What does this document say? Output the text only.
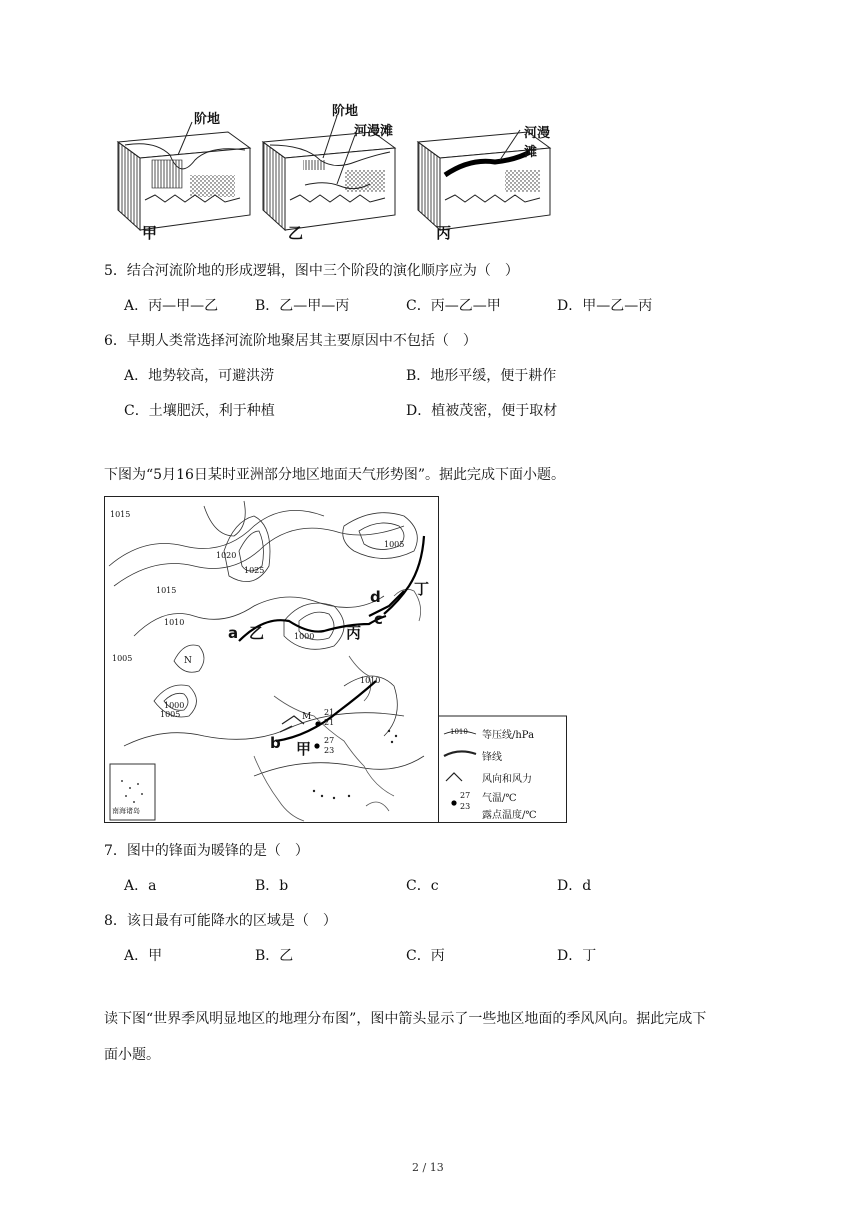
阶地
阶地
河漫滩	河漫滩
甲	乙	丙
5．结合河流阶地的形成逻辑，图中三个阶段的演化顺序应为（　）
A．丙—甲—乙	B．乙—甲—丙	C．丙—乙—甲	D．甲—乙—丙
6．早期人类常选择河流阶地聚居其主要原因中不包括（　）
A．地势较高，可避洪涝	B．地形平缓，便于耕作
C．土壤肥沃，利于种植	D．植被茂密，便于取材
下图为“5月16日某时亚洲部分地区地面天气形势图”。据此完成下面小题。
a
b
c
d
甲
乙	丙
丁
1015
1025
1020
1010
1005
1000
1005
1000
1010
1015
1005
N
M 21
21
27
23
南海诸岛
1010 等压线/hPa
锋线
风向和风力
27
23
气温/℃
露点温度/℃
7．图中的锋面为暖锋的是（　）
A．a	B．b	C．c	D．d
8．该日最有可能降水的区域是（　）
A．甲	B．乙	C．丙	D．丁
读下图“世界季风明显地区的地理分布图”，图中箭头显示了一些地区地面的季风风向。据此完成下
面小题。
2 / 13
